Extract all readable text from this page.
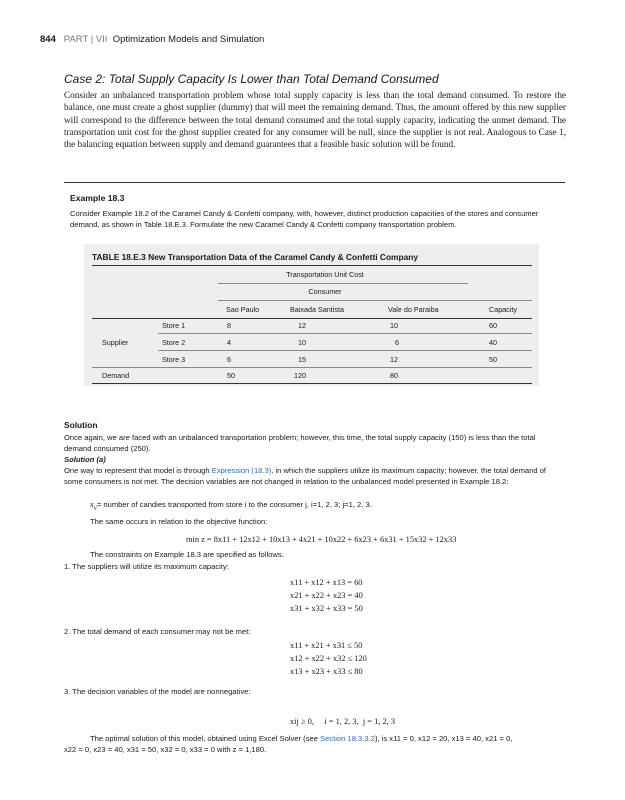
844 PART | VII Optimization Models and Simulation
Case 2: Total Supply Capacity Is Lower than Total Demand Consumed
Consider an unbalanced transportation problem whose total supply capacity is less than the total demand consumed. To restore the balance, one must create a ghost supplier (dummy) that will meet the remaining demand. Thus, the amount offered by this new supplier will correspond to the difference between the total demand consumed and the total supply capacity, indicating the unmet demand. The transportation unit cost for the ghost supplier created for any consumer will be null, since the supplier is not real. Analogous to Case 1, the balancing equation between supply and demand guarantees that a feasible basic solution will be found.
Example 18.3
Consider Example 18.2 of the Caramel Candy & Confetti company, with, however, distinct production capacities of the stores and consumer demand, as shown in Table 18.E.3. Formulate the new Caramel Candy & Confetti company transportation problem.
TABLE 18.E.3 New Transportation Data of the Caramel Candy & Confetti Company
Transportation Unit Cost
Consumer
Sao Paulo	Baixada Santista	Vale do Paraiba	Capacity
Store 1	8	12	10	60
Supplier	Store 2	4	10	6	40
Store 3	6	15	12	50
Demand	50	120	80
Solution
Once again, we are faced with an unbalanced transportation problem; however, this time, the total supply capacity (150) is less than the total demand consumed (250).
Solution (a)
One way to represent that model is through Expression (18.3), in which the suppliers utilize its maximum capacity; however, the total demand of some consumers is not met. The decision variables are not changed in relation to the unbalanced model presented in Example 18.2:
$x_{ij}=$ number of candies transported from store i to the consumer j, i=1, 2, 3; j=1, 2, 3.
The same occurs in relation to the objective function:
min z = 8x11 + 12x12 + 10x13 + 4x21 + 10x22 + 6x23 + 6x31 + 15x32 + 12x33
The constraints on Example 18.3 are specified as follows.
1. The suppliers will utilize its maximum capacity:
x11 + x12 + x13 = 60
x21 + x22 + x23 = 40
x31 + x32 + x33 = 50
2. The total demand of each consumer may not be met:
x11 + x21 + x31 ≤ 50
x12 + x22 + x32 ≤ 120
x13 + x23 + x33 ≤ 80
3. The decision variables of the model are nonnegative:
xij ≥ 0,     i = 1, 2, 3,  j = 1, 2, 3
The optimal solution of this model, obtained using Excel Solver (see Section 18.3.3.2), is x11 = 0, x12 = 20, x13 = 40, x21 = 0,
x22 = 0, x23 = 40, x31 = 50, x32 = 0, x33 = 0 with z = 1,180.
